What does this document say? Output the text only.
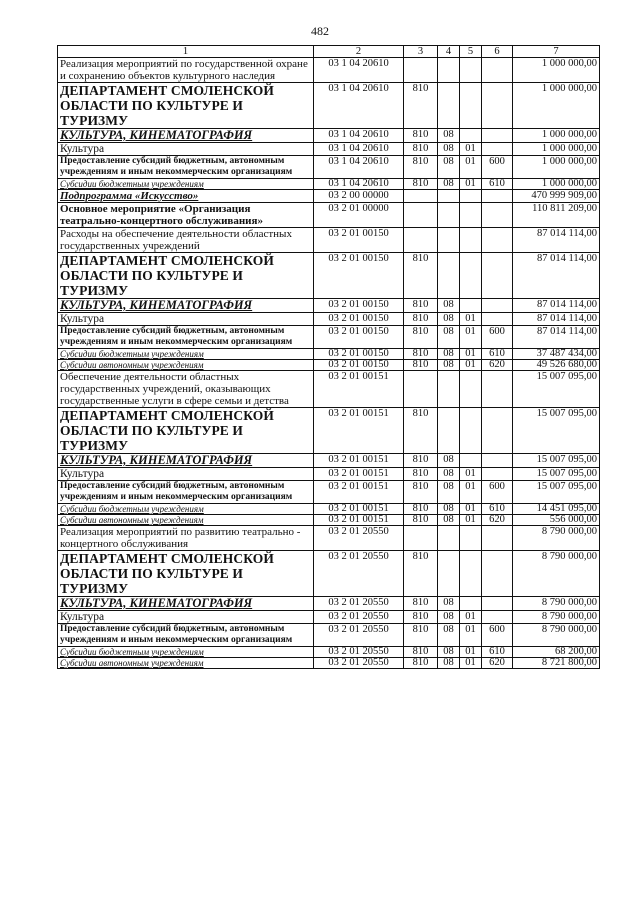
482
1	2	3	4	5	6	7
Реализация мероприятий по государственной охране и сохранению объектов культурного наследия	03 1 04 20610					1 000 000,00
ДЕПАРТАМЕНТ СМОЛЕНСКОЙ ОБЛАСТИ ПО КУЛЬТУРЕ И ТУРИЗМУ	03 1 04 20610	810				1 000 000,00
КУЛЬТУРА, КИНЕМАТОГРАФИЯ	03 1 04 20610	810	08			1 000 000,00
Культура	03 1 04 20610	810	08	01		1 000 000,00
Предоставление субсидий бюджетным, автономным учреждениям и иным некоммерческим организациям	03 1 04 20610	810	08	01	600	1 000 000,00
Субсидии бюджетным учреждениям	03 1 04 20610	810	08	01	610	1 000 000,00
Подпрограмма «Искусство»	03 2 00 00000					470 999 909,00
Основное мероприятие «Организация театрально-концертного обслуживания»	03 2 01 00000					110 811 209,00
Расходы на обеспечение деятельности областных государственных учреждений	03 2 01 00150					87 014 114,00
ДЕПАРТАМЕНТ СМОЛЕНСКОЙ ОБЛАСТИ ПО КУЛЬТУРЕ И ТУРИЗМУ	03 2 01 00150	810				87 014 114,00
КУЛЬТУРА, КИНЕМАТОГРАФИЯ	03 2 01 00150	810	08			87 014 114,00
Культура	03 2 01 00150	810	08	01		87 014 114,00
Предоставление субсидий бюджетным, автономным учреждениям и иным некоммерческим организациям	03 2 01 00150	810	08	01	600	87 014 114,00
Субсидии бюджетным учреждениям	03 2 01 00150	810	08	01	610	37 487 434,00
Субсидии автономным учреждениям	03 2 01 00150	810	08	01	620	49 526 680,00
Обеспечение деятельности областных государственных учреждений, оказывающих государственные услуги в сфере семьи и детства	03 2 01 00151					15 007 095,00
ДЕПАРТАМЕНТ СМОЛЕНСКОЙ ОБЛАСТИ ПО КУЛЬТУРЕ И ТУРИЗМУ	03 2 01 00151	810				15 007 095,00
КУЛЬТУРА, КИНЕМАТОГРАФИЯ	03 2 01 00151	810	08			15 007 095,00
Культура	03 2 01 00151	810	08	01		15 007 095,00
Предоставление субсидий бюджетным, автономным учреждениям и иным некоммерческим организациям	03 2 01 00151	810	08	01	600	15 007 095,00
Субсидии бюджетным учреждениям	03 2 01 00151	810	08	01	610	14 451 095,00
Субсидии автономным учреждениям	03 2 01 00151	810	08	01	620	556 000,00
Реализация мероприятий по развитию театрально - концертного обслуживания	03 2 01 20550					8 790 000,00
ДЕПАРТАМЕНТ СМОЛЕНСКОЙ ОБЛАСТИ ПО КУЛЬТУРЕ И ТУРИЗМУ	03 2 01 20550	810				8 790 000,00
КУЛЬТУРА, КИНЕМАТОГРАФИЯ	03 2 01 20550	810	08			8 790 000,00
Культура	03 2 01 20550	810	08	01		8 790 000,00
Предоставление субсидий бюджетным, автономным учреждениям и иным некоммерческим организациям	03 2 01 20550	810	08	01	600	8 790 000,00
Субсидии бюджетным учреждениям	03 2 01 20550	810	08	01	610	68 200,00
Субсидии автономным учреждениям	03 2 01 20550	810	08	01	620	8 721 800,00
